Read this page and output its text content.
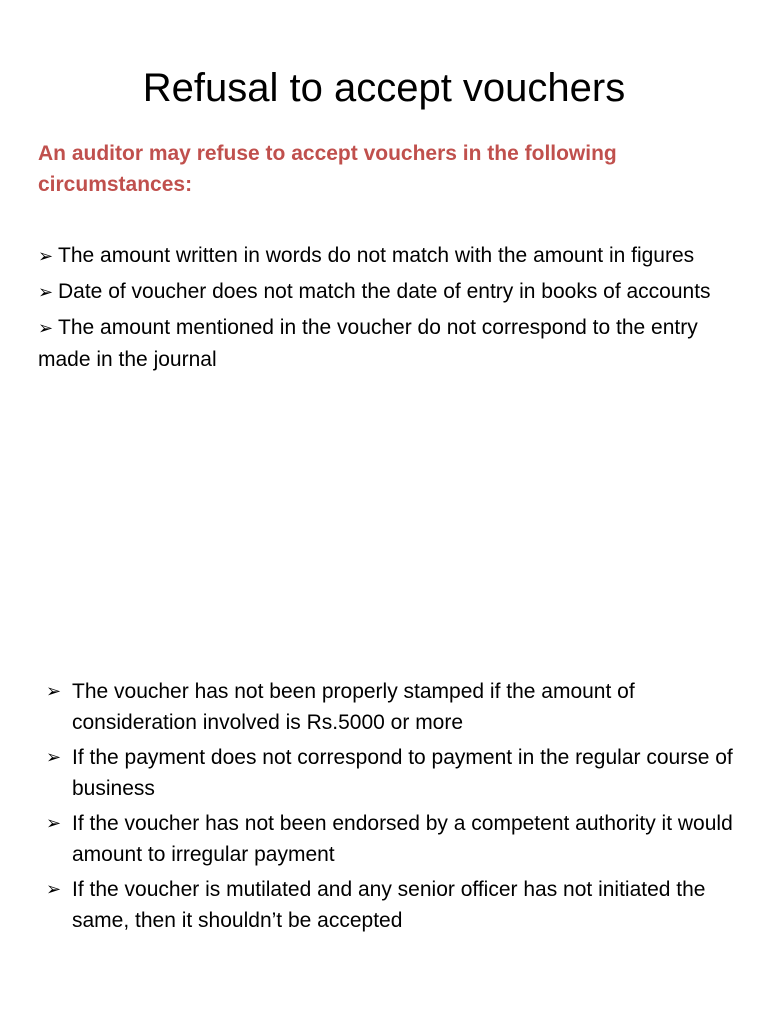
Refusal to accept vouchers

An auditor may refuse to accept vouchers in the following circumstances:

➢ The amount written in words do not match with the amount in figures
➢ Date of voucher does not match the date of entry in books of accounts
➢ The amount mentioned in the voucher do not correspond to the entry made in the journal
➢ The voucher has not been properly stamped if the amount of consideration involved is Rs.5000 or more
➢ If the payment does not correspond to payment in the regular course of business
➢ If the voucher has not been endorsed by a competent authority it would amount to irregular payment
➢ If the voucher is mutilated and any senior officer has not initiated the same, then it shouldn’t be accepted
